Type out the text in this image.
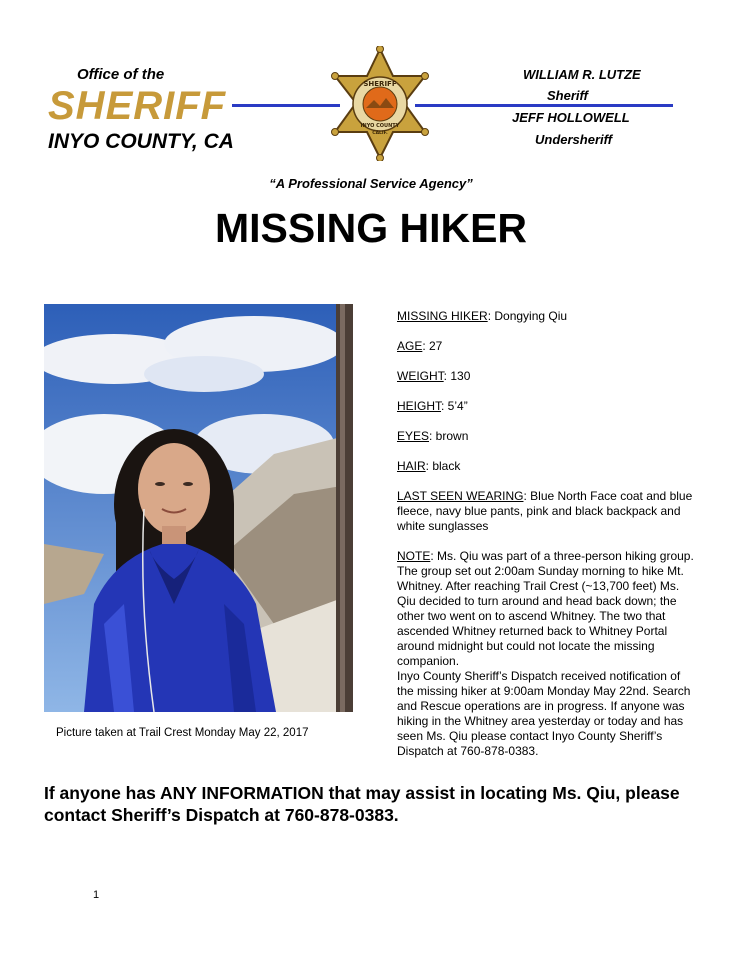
Office of the
SHERIFF
INYO COUNTY, CA
SHERIFF
INYO COUNTY
CALIF.
WILLIAM R. LUTZE
Sheriff
JEFF HOLLOWELL
Undersheriff
“A Professional Service Agency”
MISSING HIKER
Picture taken at Trail Crest Monday May 22, 2017

MISSING HIKER: Dongying Qiu

AGE: 27

WEIGHT: 130

HEIGHT: 5’4”

EYES: brown

HAIR: black

LAST SEEN WEARING: Blue North Face coat and blue fleece, navy blue pants, pink and black backpack and white sunglasses

NOTE: Ms. Qiu was part of a three-person hiking group. The group set out 2:00am Sunday morning to hike Mt. Whitney. After reaching Trail Crest (~13,700 feet) Ms. Qiu decided to turn around and head back down; the other two went on to ascend Whitney. The two that ascended Whitney returned back to Whitney Portal around midnight but could not locate the missing companion.

Inyo County Sheriff’s Dispatch received notification of the missing hiker at 9:00am Monday May 22nd. Search and Rescue operations are in progress. If anyone was hiking in the Whitney area yesterday or today and has seen Ms. Qiu please contact Inyo County Sheriff’s Dispatch at 760-878-0383.

If anyone has ANY INFORMATION that may assist in locating Ms. Qiu, please contact Sheriff’s Dispatch at 760-878-0383.
1
